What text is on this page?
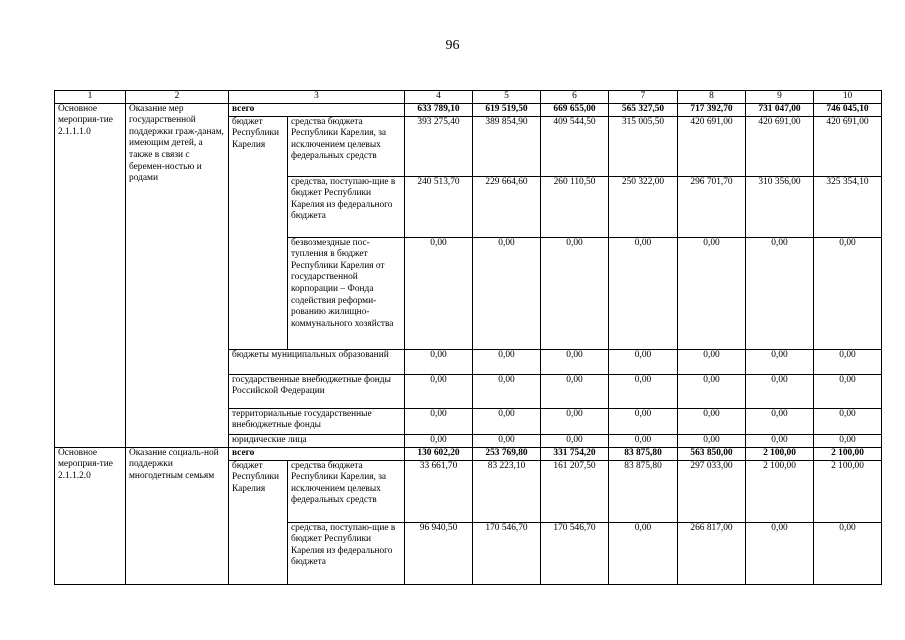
96
1	2	3		4	5	6	7	8	9	10
Основное мероприя-тие 2.1.1.1.0	Оказание мер государственной поддержки граж-данам, имеющим детей, а также в связи с беремен-ностью и родами	всего		633 789,10	619 519,50	669 655,00	565 327,50	717 392,70	731 047,00	746 045,10
		бюджет Республики Карелия	средства бюджета Республики Карелия, за исключением целевых федеральных средств	393 275,40	389 854,90	409 544,50	315 005,50	420 691,00	420 691,00	420 691,00
			средства, поступаю-щие в бюджет Республики Карелия из федерального бюджета	240 513,70	229 664,60	260 110,50	250 322,00	296 701,70	310 356,00	325 354,10
			безвозмездные пос-тупления в бюджет Республики Карелия от государственной корпорации – Фонда содействия реформи-рованию жилищно-коммунального хозяйства	0,00	0,00	0,00	0,00	0,00	0,00	0,00
		бюджеты муниципальных образований		0,00	0,00	0,00	0,00	0,00	0,00	0,00
		государственные внебюджетные фонды Российской Федерации		0,00	0,00	0,00	0,00	0,00	0,00	0,00
		территориальные государственные внебюджетные фонды		0,00	0,00	0,00	0,00	0,00	0,00	0,00
		юридические лица		0,00	0,00	0,00	0,00	0,00	0,00	0,00
Основное мероприя-тие 2.1.1.2.0	Оказание социаль-ной поддержки многодетным семьям	всего		130 602,20	253 769,80	331 754,20	83 875,80	563 850,00	2 100,00	2 100,00
		бюджет Республики Карелия	средства бюджета Республики Карелия, за исключением целевых федеральных средств	33 661,70	83 223,10	161 207,50	83 875,80	297 033,00	2 100,00	2 100,00
			средства, поступаю-щие в бюджет Республики Карелия из федерального бюджета	96 940,50	170 546,70	170 546,70	0,00	266 817,00	0,00	0,00
